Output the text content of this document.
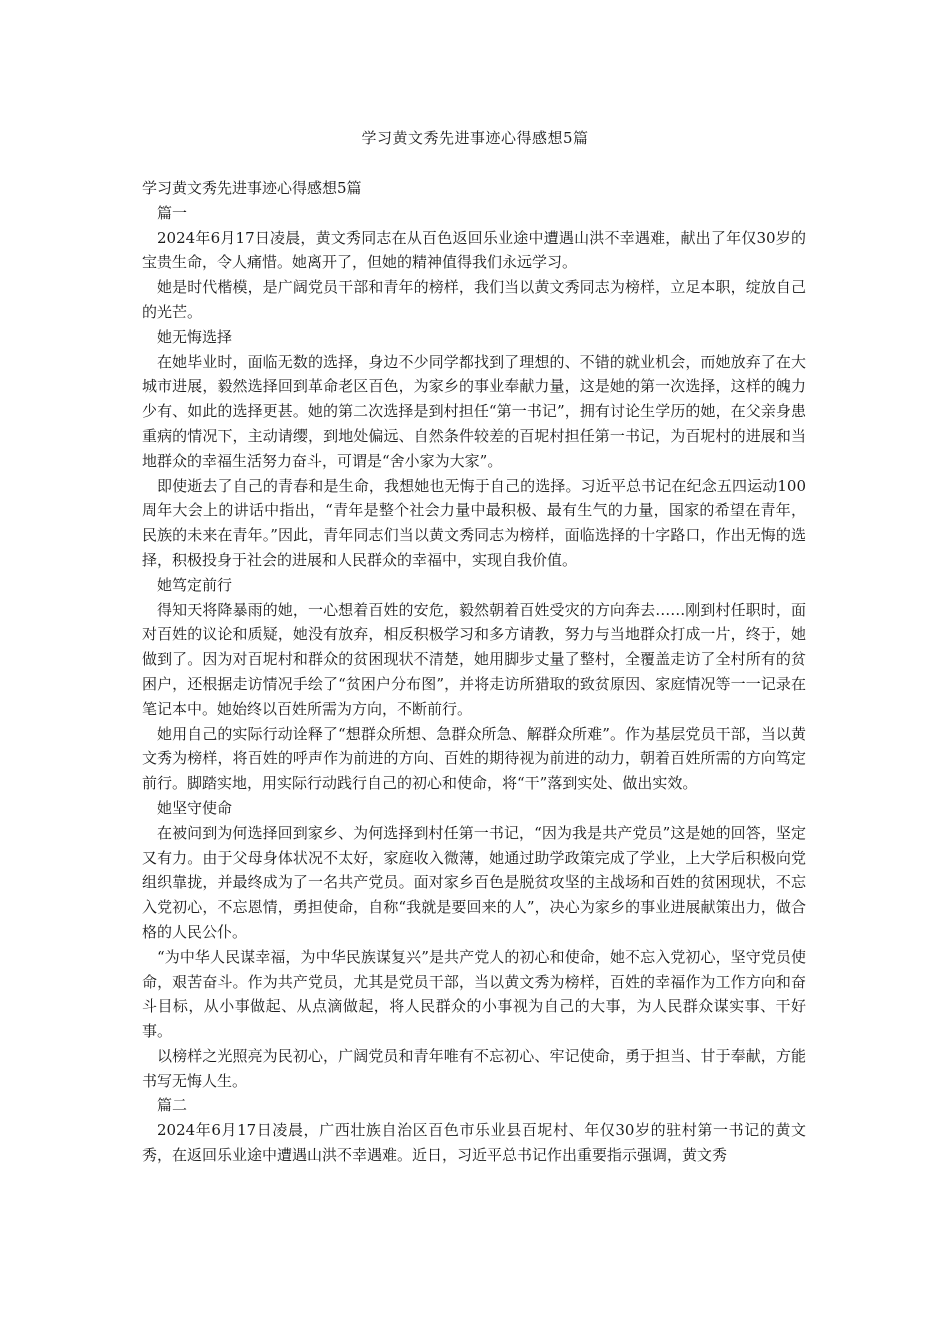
学习黄文秀先进事迹心得感想5篇

学习黄文秀先进事迹心得感想5篇

篇一

2024年6月17日凌晨，黄文秀同志在从百色返回乐业途中遭遇山洪不幸遇难，献出了年仅30岁的宝贵生命，令人痛惜。她离开了，但她的精神值得我们永远学习。

她是时代楷模，是广阔党员干部和青年的榜样，我们当以黄文秀同志为榜样，立足本职，绽放自己的光芒。

她无悔选择

在她毕业时，面临无数的选择，身边不少同学都找到了理想的、不错的就业机会，而她放弃了在大城市进展，毅然选择回到革命老区百色，为家乡的事业奉献力量，这是她的第一次选择，这样的魄力少有、如此的选择更甚。她的第二次选择是到村担任“第一书记”，拥有讨论生学历的她，在父亲身患重病的情况下，主动请缨，到地处偏远、自然条件较差的百坭村担任第一书记，为百坭村的进展和当地群众的幸福生活努力奋斗，可谓是“舍小家为大家”。

即使逝去了自己的青春和是生命，我想她也无悔于自己的选择。习近平总书记在纪念五四运动100周年大会上的讲话中指出，“青年是整个社会力量中最积极、最有生气的力量，国家的希望在青年，民族的未来在青年。”因此，青年同志们当以黄文秀同志为榜样，面临选择的十字路口，作出无悔的选择，积极投身于社会的进展和人民群众的幸福中，实现自我价值。

她笃定前行

得知天将降暴雨的她，一心想着百姓的安危，毅然朝着百姓受灾的方向奔去……刚到村任职时，面对百姓的议论和质疑，她没有放弃，相反积极学习和多方请教，努力与当地群众打成一片，终于，她做到了。因为对百坭村和群众的贫困现状不清楚，她用脚步丈量了整村，全覆盖走访了全村所有的贫困户，还根据走访情况手绘了“贫困户分布图”，并将走访所猎取的致贫原因、家庭情况等一一记录在笔记本中。她始终以百姓所需为方向，不断前行。

她用自己的实际行动诠释了“想群众所想、急群众所急、解群众所难”。作为基层党员干部，当以黄文秀为榜样，将百姓的呼声作为前进的方向、百姓的期待视为前进的动力，朝着百姓所需的方向笃定前行。脚踏实地，用实际行动践行自己的初心和使命，将“干”落到实处、做出实效。

她坚守使命

在被问到为何选择回到家乡、为何选择到村任第一书记，“因为我是共产党员”这是她的回答，坚定又有力。由于父母身体状况不太好，家庭收入微薄，她通过助学政策完成了学业，上大学后积极向党组织靠拢，并最终成为了一名共产党员。面对家乡百色是脱贫攻坚的主战场和百姓的贫困现状，不忘入党初心，不忘恩情，勇担使命，自称“我就是要回来的人”，决心为家乡的事业进展献策出力，做合格的人民公仆。

“为中华人民谋幸福，为中华民族谋复兴”是共产党人的初心和使命，她不忘入党初心，坚守党员使命，艰苦奋斗。作为共产党员，尤其是党员干部，当以黄文秀为榜样，百姓的幸福作为工作方向和奋斗目标，从小事做起、从点滴做起，将人民群众的小事视为自己的大事，为人民群众谋实事、干好事。

以榜样之光照亮为民初心，广阔党员和青年唯有不忘初心、牢记使命，勇于担当、甘于奉献，方能书写无悔人生。

篇二

2024年6月17日凌晨，广西壮族自治区百色市乐业县百坭村、年仅30岁的驻村第一书记的黄文秀，在返回乐业途中遭遇山洪不幸遇难。近日，习近平总书记作出重要指示强调，黄文秀
